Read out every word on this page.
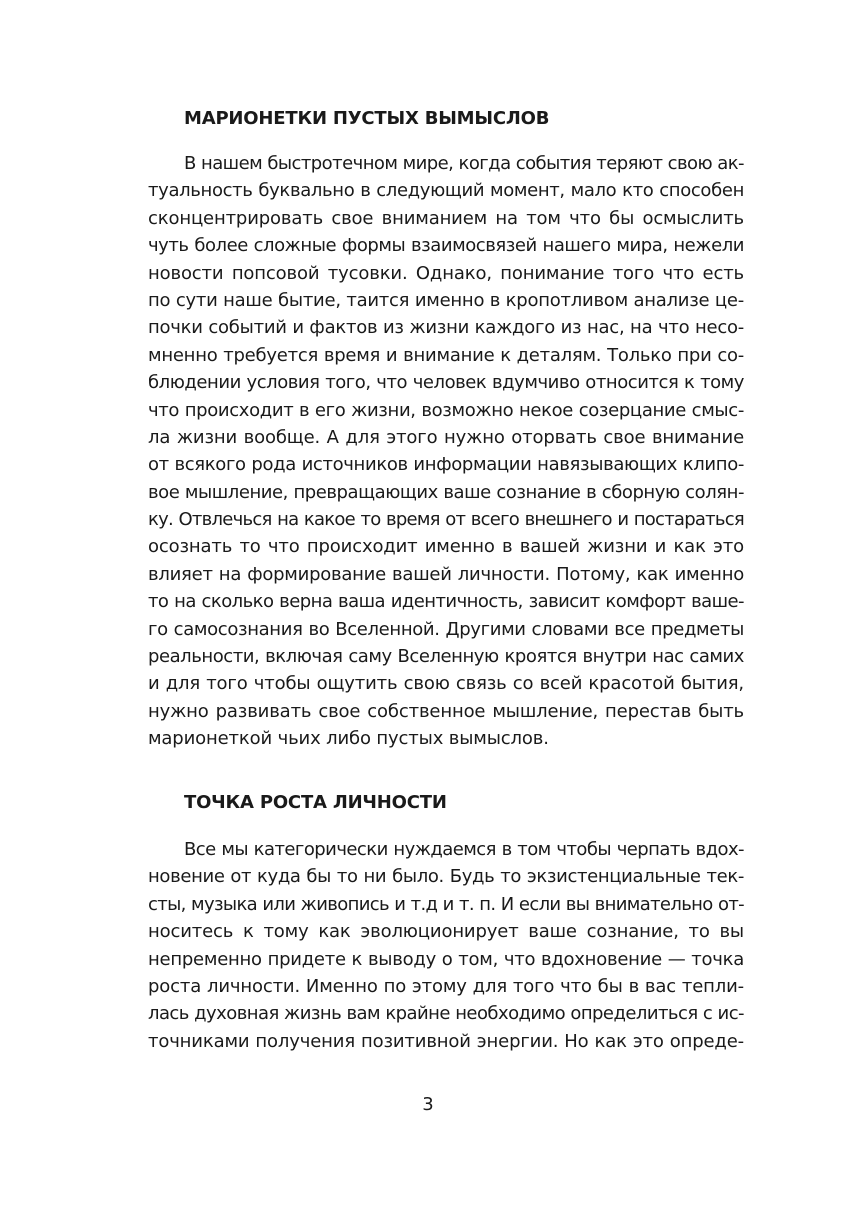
МАРИОНЕТКИ ПУСТЫХ ВЫМЫСЛОВ
В нашем быстротечном мире, когда события теряют свою ак-
туальность буквально в следующий момент, мало кто способен
сконцентрировать свое вниманием на том что бы осмыслить
чуть более сложные формы взаимосвязей нашего мира, нежели
новости попсовой тусовки. Однако, понимание того что есть
по сути наше бытие, таится именно в кропотливом анализе це-
почки событий и фактов из жизни каждого из нас, на что несо-
мненно требуется время и внимание к деталям. Только при со-
блюдении условия того, что человек вдумчиво относится к тому
что происходит в его жизни, возможно некое созерцание смыс-
ла жизни вообще. А для этого нужно оторвать свое внимание
от всякого рода источников информации навязывающих клипо-
вое мышление, превращающих ваше сознание в сборную солян-
ку. Отвлечься на какое то время от всего внешнего и постараться
осознать то что происходит именно в вашей жизни и как это
влияет на формирование вашей личности. Потому, как именно
то на сколько верна ваша идентичность, зависит комфорт ваше-
го самосознания во Вселенной. Другими словами все предметы
реальности, включая саму Вселенную кроятся внутри нас самих
и для того чтобы ощутить свою связь со всей красотой бытия,
нужно развивать свое собственное мышление, перестав быть
марионеткой чьих либо пустых вымыслов.
ТОЧКА РОСТА ЛИЧНОСТИ
Все мы категорически нуждаемся в том чтобы черпать вдох-
новение от куда бы то ни было. Будь то экзистенциальные тек-
сты, музыка или живопись и т.д и т. п. И если вы внимательно от-
носитесь к тому как эволюционирует ваше сознание, то вы
непременно придете к выводу о том, что вдохновение — точка
роста личности. Именно по этому для того что бы в вас тепли-
лась духовная жизнь вам крайне необходимо определиться с ис-
точниками получения позитивной энергии. Но как это опреде-
3
